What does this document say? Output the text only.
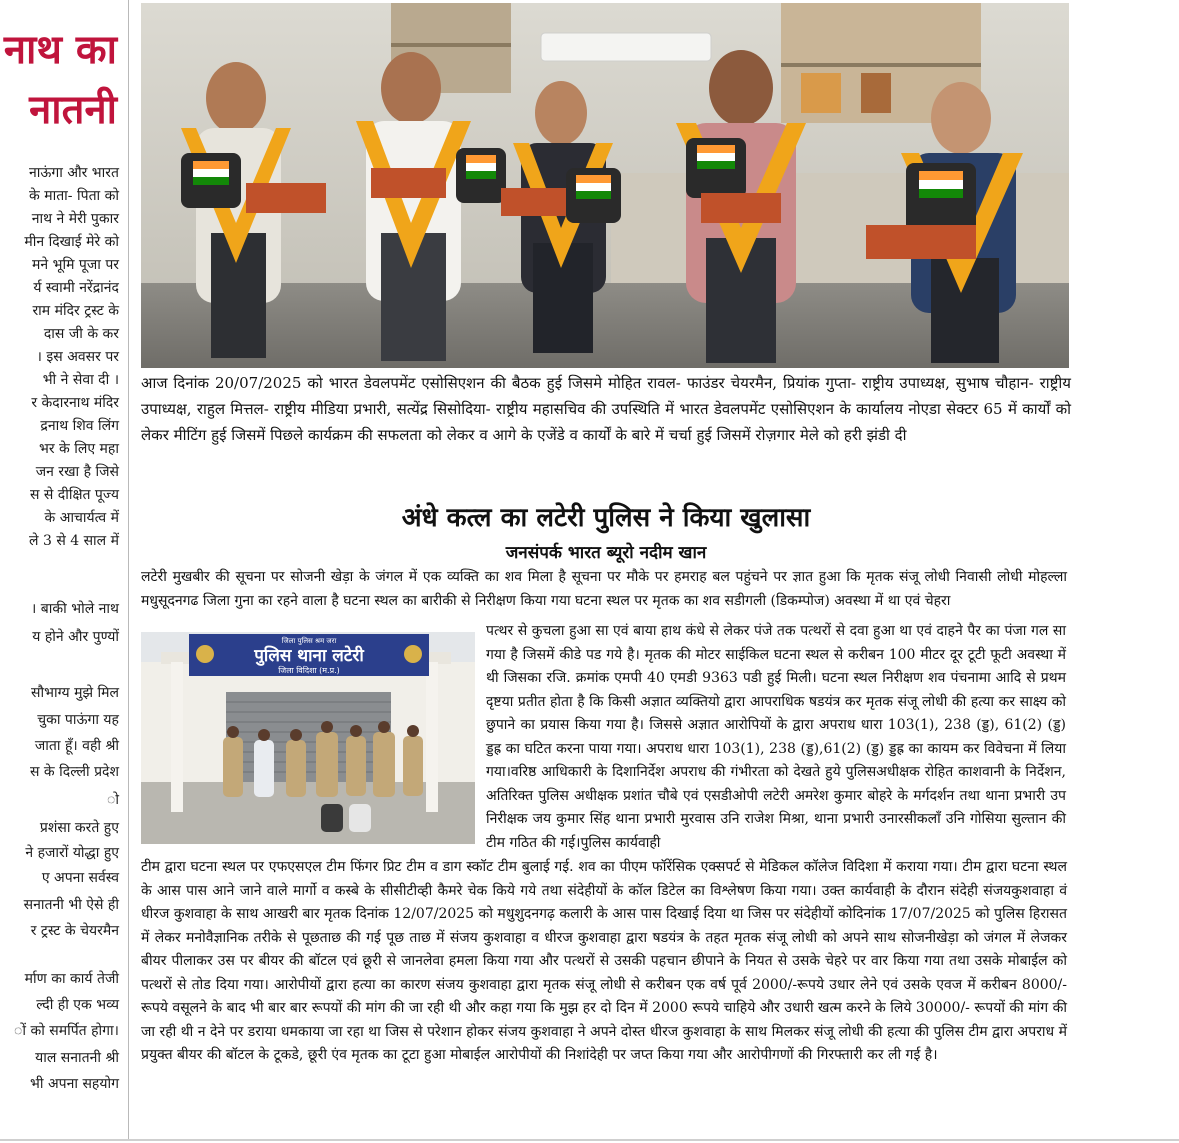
नाथ का
नातनी
नाऊंगा और भारत
के माता- पिता को
नाथ ने मेरी पुकार
मीन दिखाई मेरे को
मने भूमि पूजा पर
र्य स्वामी नरेंद्रानंद
राम मंदिर ट्रस्ट के
दास जी के कर
। इस अवसर पर
भी ने सेवा दी ।
र केदारनाथ मंदिर
द्रनाथ शिव लिंग
भर के लिए महा
जन रखा है जिसे
स से दीक्षित पूज्य
के आचार्यत्व में
ले 3 से 4 साल में
। बाकी भोले नाथ
य होने और पुण्यों
सौभाग्य मुझे मिल
चुका पाऊंगा यह
जाता हूँ। वही श्री
स के दिल्ली प्रदेश
ो
प्रशंसा करते हुए
ने हजारों योद्धा हुए
ए अपना सर्वस्व
सनातनी भी ऐसे ही
र ट्रस्ट के चेयरमैन
र्माण का कार्य तेजी
ल्दी ही एक भव्य
ों को समर्पित होगा।
याल सनातनी श्री
भी अपना सहयोग
आज दिनांक 20/07/2025 को भारत डेवलपमेंट एसोसिएशन की बैठक हुई जिसमे मोहित रावल- फाउंडर चेयरमैन, प्रियांक गुप्ता- राष्ट्रीय उपाध्यक्ष, सुभाष चौहान- राष्ट्रीय उपाध्यक्ष, राहुल मित्तल- राष्ट्रीय मीडिया प्रभारी, सत्येंद्र सिसोदिया- राष्ट्रीय महासचिव की उपस्थिति में भारत डेवलपमेंट एसोसिएशन के कार्यालय नोएडा सेक्टर 65 में कार्यों को लेकर मीटिंग हुई जिसमें पिछले कार्यक्रम की सफलता को लेकर व आगे के एजेंडे व कार्यों के बारे में चर्चा हुई जिसमें रोज़गार मेले को हरी झंडी दी
अंधे कत्ल का लटेरी पुलिस ने किया खुलासा
जनसंपर्क भारत ब्यूरो नदीम खान
लटेरी मुखबीर की सूचना पर सोजनी खेड़ा के जंगल में एक व्यक्ति का शव मिला है सूचना पर मौके पर हमराह बल पहुंचने पर ज्ञात हुआ कि मृतक संजू लोधी निवासी लोधी मोहल्ला मधुसूदनगढ जिला गुना का रहने वाला है घटना स्थल का बारीकी से निरीक्षण किया गया घटना स्थल पर मृतक का शव सडीगली (डिकम्पोज) अवस्था में था एवं चेहरा
जिला पुलिस श्रम जरा
पुलिस थाना लटेरी
जिला विदिशा (म.प्र.)
पत्थर से कुचला हुआ सा एवं बाया हाथ कंधे से लेकर पंजे तक पत्थरों से दवा हुआ था एवं दाहने पैर का पंजा गल सा गया है जिसमें कीडे पड गये है। मृतक की मोटर साईकिल घटना स्थल से करीबन 100 मीटर दूर टूटी फूटी अवस्था में थी जिसका रजि. क्रमांक एमपी 40 एमडी 9363 पडी हुई मिली। घटना स्थल निरीक्षण शव पंचनामा आदि से प्रथम दृष्टया प्रतीत होता है कि किसी अज्ञात व्यक्तियो द्वारा आपराधिक षडयंत्र कर मृतक संजू लोधी की हत्या कर साक्ष्य को छुपाने का प्रयास किया गया है। जिससे अज्ञात आरोपियों के द्वारा अपराध धारा 103(1), 238 (ड्ड), 61(2) (ड्ड) ड्डह्र का घटित करना पाया गया। अपराध धारा 103(1), 238 (ड्ड),61(2) (ड्ड) ड्डह्र का कायम कर विवेचना में लिया गया।वरिष्ठ आधिकारी के दिशानिर्देश अपराध की गंभीरता को देखते हुये पुलिसअधीक्षक रोहित काशवानी के निर्देशन, अतिरिक्त पुलिस अधीक्षक प्रशांत चौबे एवं एसडीओपी लटेरी अमरेश कुमार बोहरे के मर्गदर्शन तथा थाना प्रभारी उप निरीक्षक जय कुमार सिंह थाना प्रभारी मुरवास उनि राजेश मिश्रा, थाना प्रभारी उनारसीकलाँ उनि गोसिया सुल्तान की टीम गठित की गई।पुलिस कार्यवाही
टीम द्वारा घटना स्थल पर एफएसएल टीम फिंगर प्रिट टीम व डाग स्कॉट टीम बुलाई गई. शव का पीएम फॉरेंसिक एक्सपर्ट से मेडिकल कॉलेज विदिशा में कराया गया। टीम द्वारा घटना स्थल के आस पास आने जाने वाले मार्गो व कस्बे के सीसीटीव्ही कैमरे चेक किये गये तथा संदेहीयों के कॉल डिटेल का विश्लेषण किया गया। उक्त कार्यवाही के दौरान संदेही संजयकुशवाहा वं धीरज कुशवाहा के साथ आखरी बार मृतक दिनांक 12/07/2025 को मधुशुदनगढ़ कलारी के आस पास दिखाई दिया था जिस पर संदेहीयों कोदिनांक 17/07/2025 को पुलिस हिरासत में लेकर मनोवैज्ञानिक तरीके से पूछताछ की गई पूछ ताछ में संजय कुशवाहा व धीरज कुशवाहा द्वारा षडयंत्र के तहत मृतक संजू लोधी को अपने साथ सोजनीखेड़ा को जंगल में लेजकर बीयर पीलाकर उस पर बीयर की बॉटल एवं छूरी से जानलेवा हमला किया गया और पत्थरों से उसकी पहचान छीपाने के नियत से उसके चेहरे पर वार किया गया तथा उसके मोबाईल को पत्थरों से तोड दिया गया। आरोपीयों द्वारा हत्या का कारण संजय कुशवाहा द्वारा मृतक संजू लोधी से करीबन एक वर्ष पूर्व 2000/-रूपये उधार लेने एवं उसके एवज में करीबन 8000/- रूपये वसूलने के बाद भी बार बार रूपयों की मांग की जा रही थी और कहा गया कि मुझ हर दो दिन में 2000 रूपये चाहिये और उधारी खत्म करने के लिये 30000/- रूपयों की मांग की जा रही थी न देने पर डराया धमकाया जा रहा था जिस से परेशान होकर संजय कुशवाहा ने अपने दोस्त धीरज कुशवाहा के साथ मिलकर संजू लोधी की हत्या की पुलिस टीम द्वारा अपराध में प्रयुक्त बीयर की बॉटल के टूकडे, छूरी एंव मृतक का टूटा हुआ मोबाईल आरोपीयों की निशांदेही पर जप्त किया गया और आरोपीगणों की गिरफ्तारी कर ली गई है।
